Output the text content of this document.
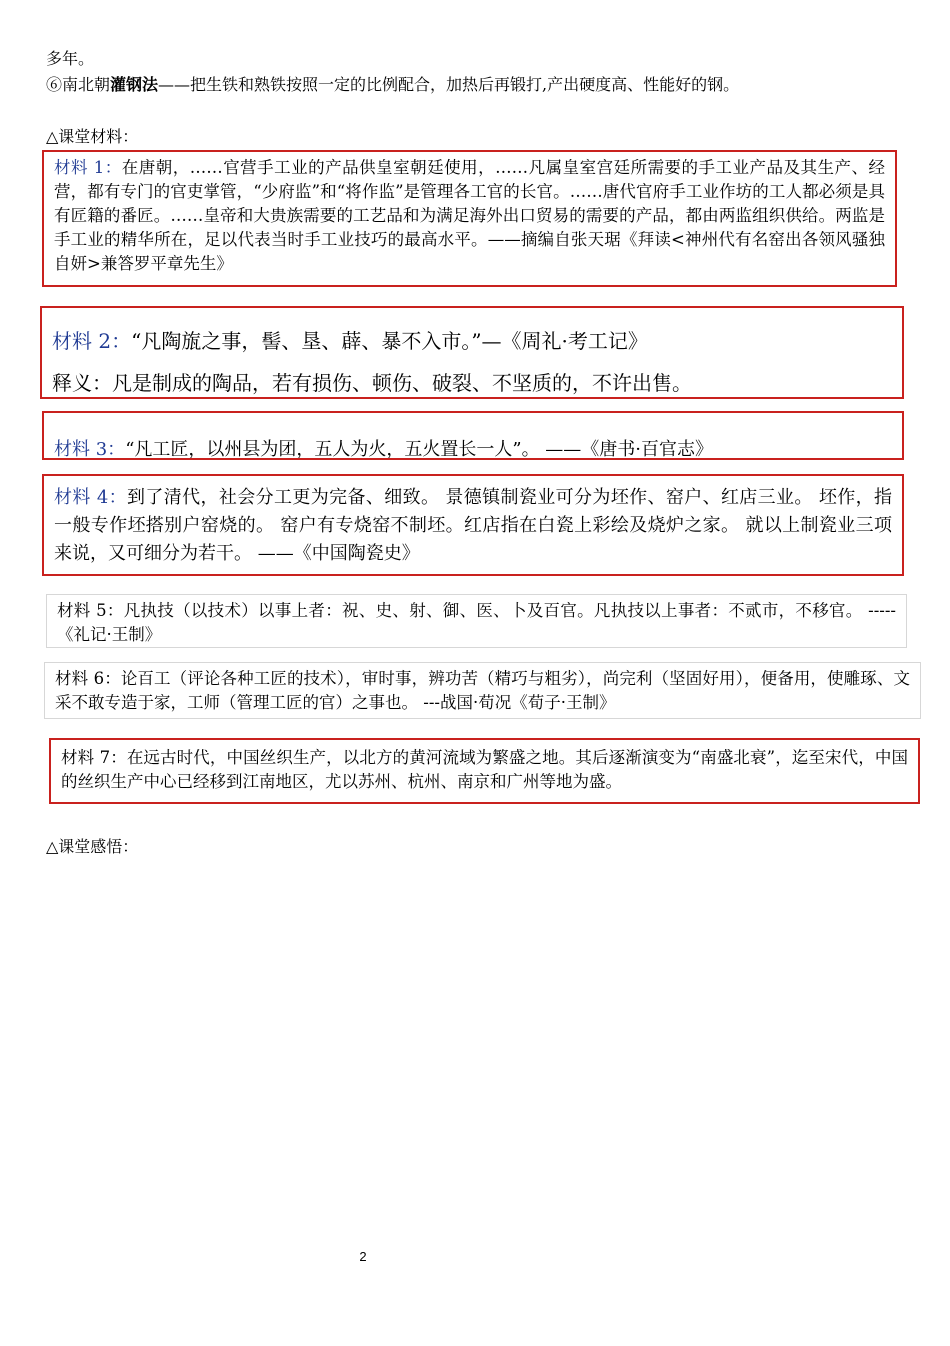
多年。
⑥南北朝灌钢法——把生铁和熟铁按照一定的比例配合，加热后再锻打,产出硬度高、性能好的钢。
△课堂材料：
材料 1：在唐朝，……官营手工业的产品供皇室朝廷使用，……凡属皇室宫廷所需要的手工业产品及其生产、经营，都有专门的官吏掌管，“少府监”和“将作监”是管理各工官的长官。……唐代官府手工业作坊的工人都必须是具有匠籍的番匠。……皇帝和大贵族需要的工艺品和为满足海外出口贸易的需要的产品，都由两监组织供给。两监是手工业的精华所在，足以代表当时手工业技巧的最高水平。——摘编自张天琚《拜读<神州代有名窑出各领风骚独自妍>兼答罗平章先生》
材料 2：“凡陶旊之事，髻、垦、薜、暴不入市。”—《周礼·考工记》
释义：凡是制成的陶品，若有损伤、顿伤、破裂、不坚质的，不许出售。
材料 3：“凡工匠，以州县为团，五人为火，五火置长一人”。 ——《唐书·百官志》
材料 4：到了清代，社会分工更为完备、细致。 景德镇制瓷业可分为坯作、窑户、红店三业。 坯作，指一般专作坯搭别户窑烧的。 窑户有专烧窑不制坯。红店指在白瓷上彩绘及烧炉之家。 就以上制瓷业三项来说，又可细分为若干。 ——《中国陶瓷史》
材料 5：凡执技（以技术）以事上者：祝、史、射、御、医、卜及百官。凡执技以上事者：不贰市，不移官。 -----《礼记·王制》
材料 6：论百工（评论各种工匠的技术），审时事，辨功苦（精巧与粗劣），尚完利（坚固好用），便备用，使雕琢、文采不敢专造于家，工师（管理工匠的官）之事也。 ---战国·荀况《荀子·王制》
材料 7：在远古时代，中国丝织生产，以北方的黄河流域为繁盛之地。其后逐渐演变为“南盛北衰”，迄至宋代，中国的丝织生产中心已经移到江南地区，尤以苏州、杭州、南京和广州等地为盛。
△课堂感悟：
2
